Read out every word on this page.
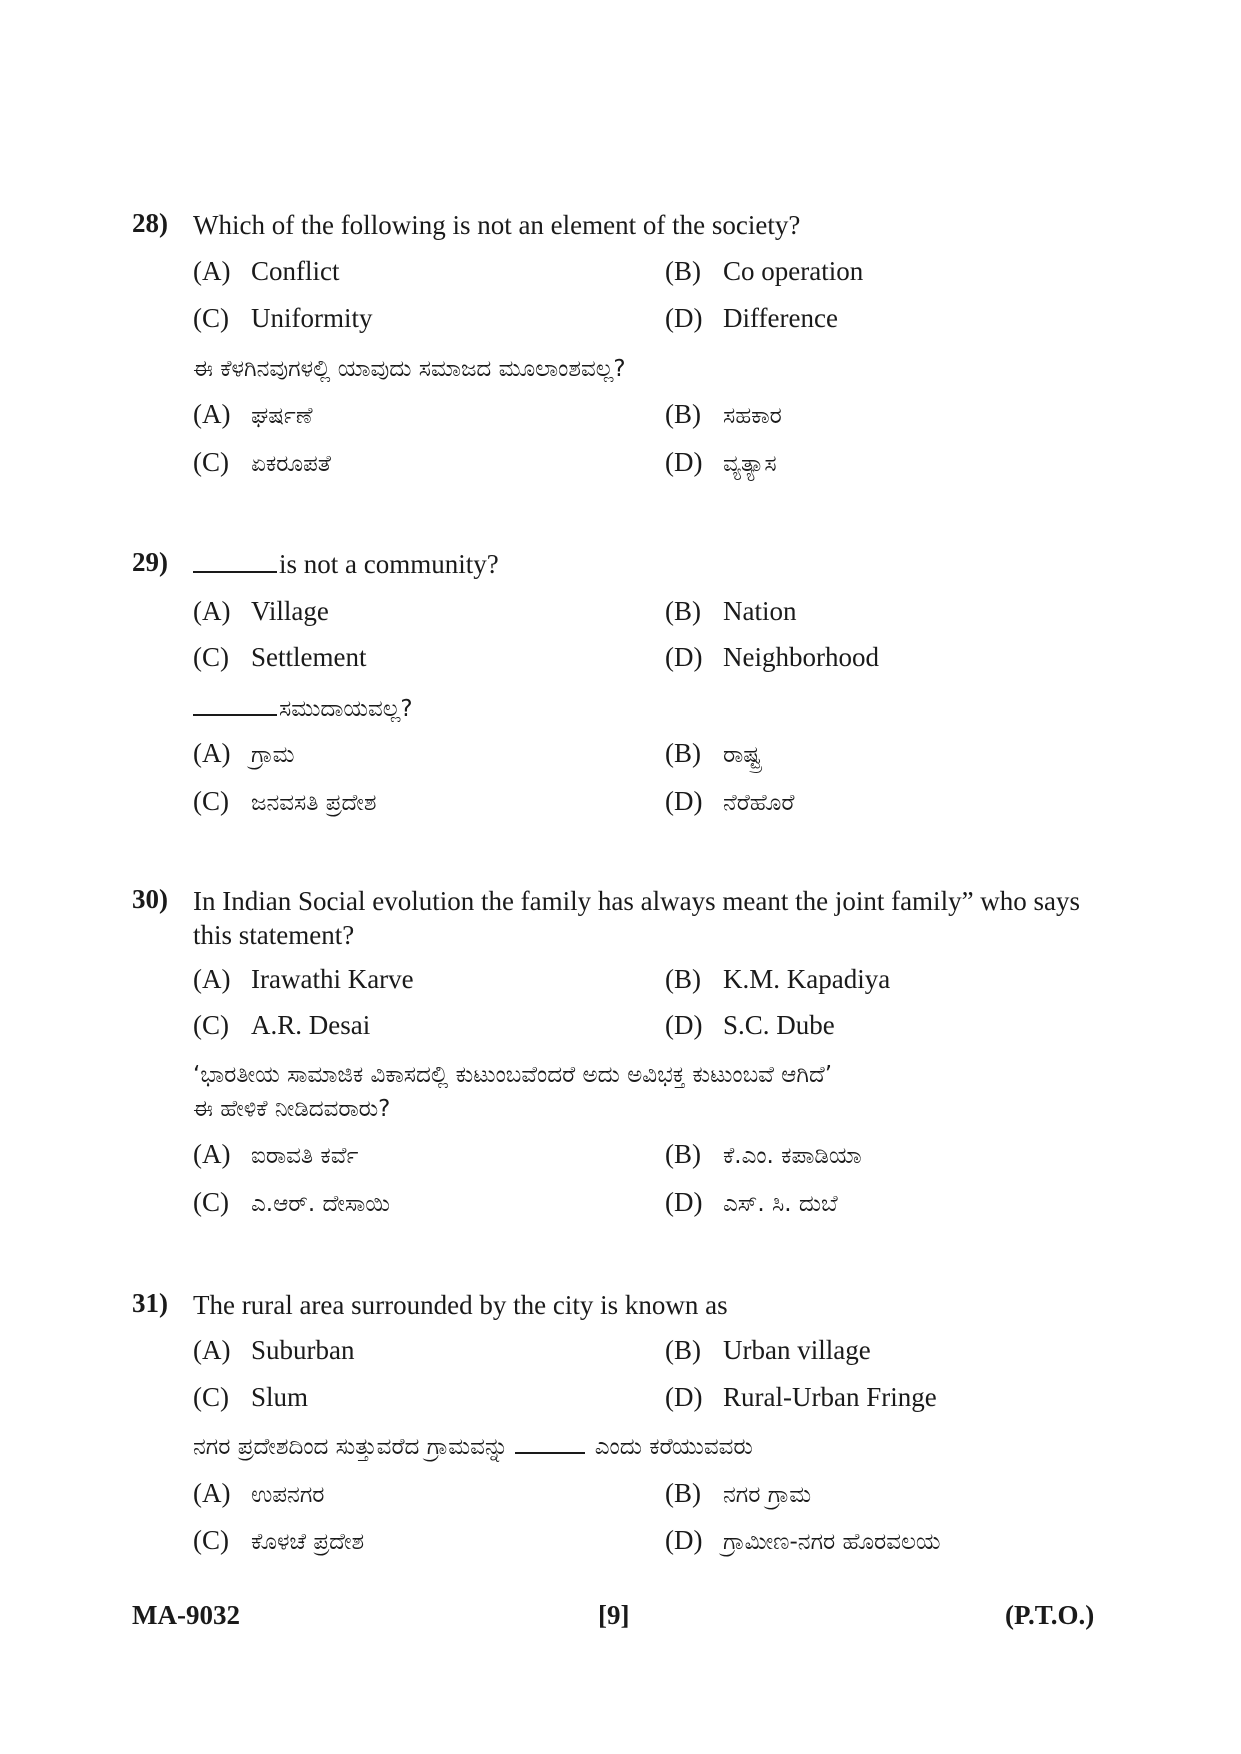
28) Which of the following is not an element of the society?
(A) Conflict	(B) Co operation
(C) Uniformity	(D) Difference
ಈ ಕೆಳಗಿನವುಗಳಲ್ಲಿ ಯಾವುದು ಸಮಾಜದ ಮೂಲಾಂಶವಲ್ಲ?
(A) ಘರ್ಷಣೆ	(B) ಸಹಕಾರ
(C) ಏಕರೂಪತೆ	(D) ವ್ಯತ್ಯಾಸ
29)	is not a community?
(A) Village	(B) Nation
(C) Settlement	(D) Neighborhood
ಸಮುದಾಯವಲ್ಲ?
(A) ಗ್ರಾಮ	(B) ರಾಷ್ಟ್ರ
(C) ಜನವಸತಿ ಪ್ರದೇಶ	(D) ನೆರೆಹೊರೆ
30) In Indian Social evolution the family has always meant the joint family” who says this statement?
(A) Irawathi Karve	(B) K.M. Kapadiya
(C) A.R. Desai	(D) S.C. Dube
‘ಭಾರತೀಯ ಸಾಮಾಜಿಕ ವಿಕಾಸದಲ್ಲಿ ಕುಟುಂಬವೆಂದರೆ ಅದು ಅವಿಭಕ್ತ ಕುಟುಂಬವೆ ಆಗಿದೆ’
ಈ ಹೇಳಿಕೆ ನೀಡಿದವರಾರು?
(A) ಐರಾವತಿ ಕರ್ವೆ	(B) ಕೆ.ಎಂ. ಕಪಾಡಿಯಾ
(C) ಎ.ಆರ್. ದೇಸಾಯಿ	(D) ಎಸ್. ಸಿ. ದುಬೆ
31) The rural area surrounded by the city is known as
(A) Suburban	(B) Urban village
(C) Slum	(D) Rural-Urban Fringe
ನಗರ ಪ್ರದೇಶದಿಂದ ಸುತ್ತುವರೆದ ಗ್ರಾಮವನ್ನು	ಎಂದು ಕರೆಯುವವರು
(A) ಉಪನಗರ	(B) ನಗರ ಗ್ರಾಮ
(C) ಕೊಳಚೆ ಪ್ರದೇಶ	(D) ಗ್ರಾಮೀಣ-ನಗರ ಹೊರವಲಯ
MA-9032	[9]	(P.T.O.)
